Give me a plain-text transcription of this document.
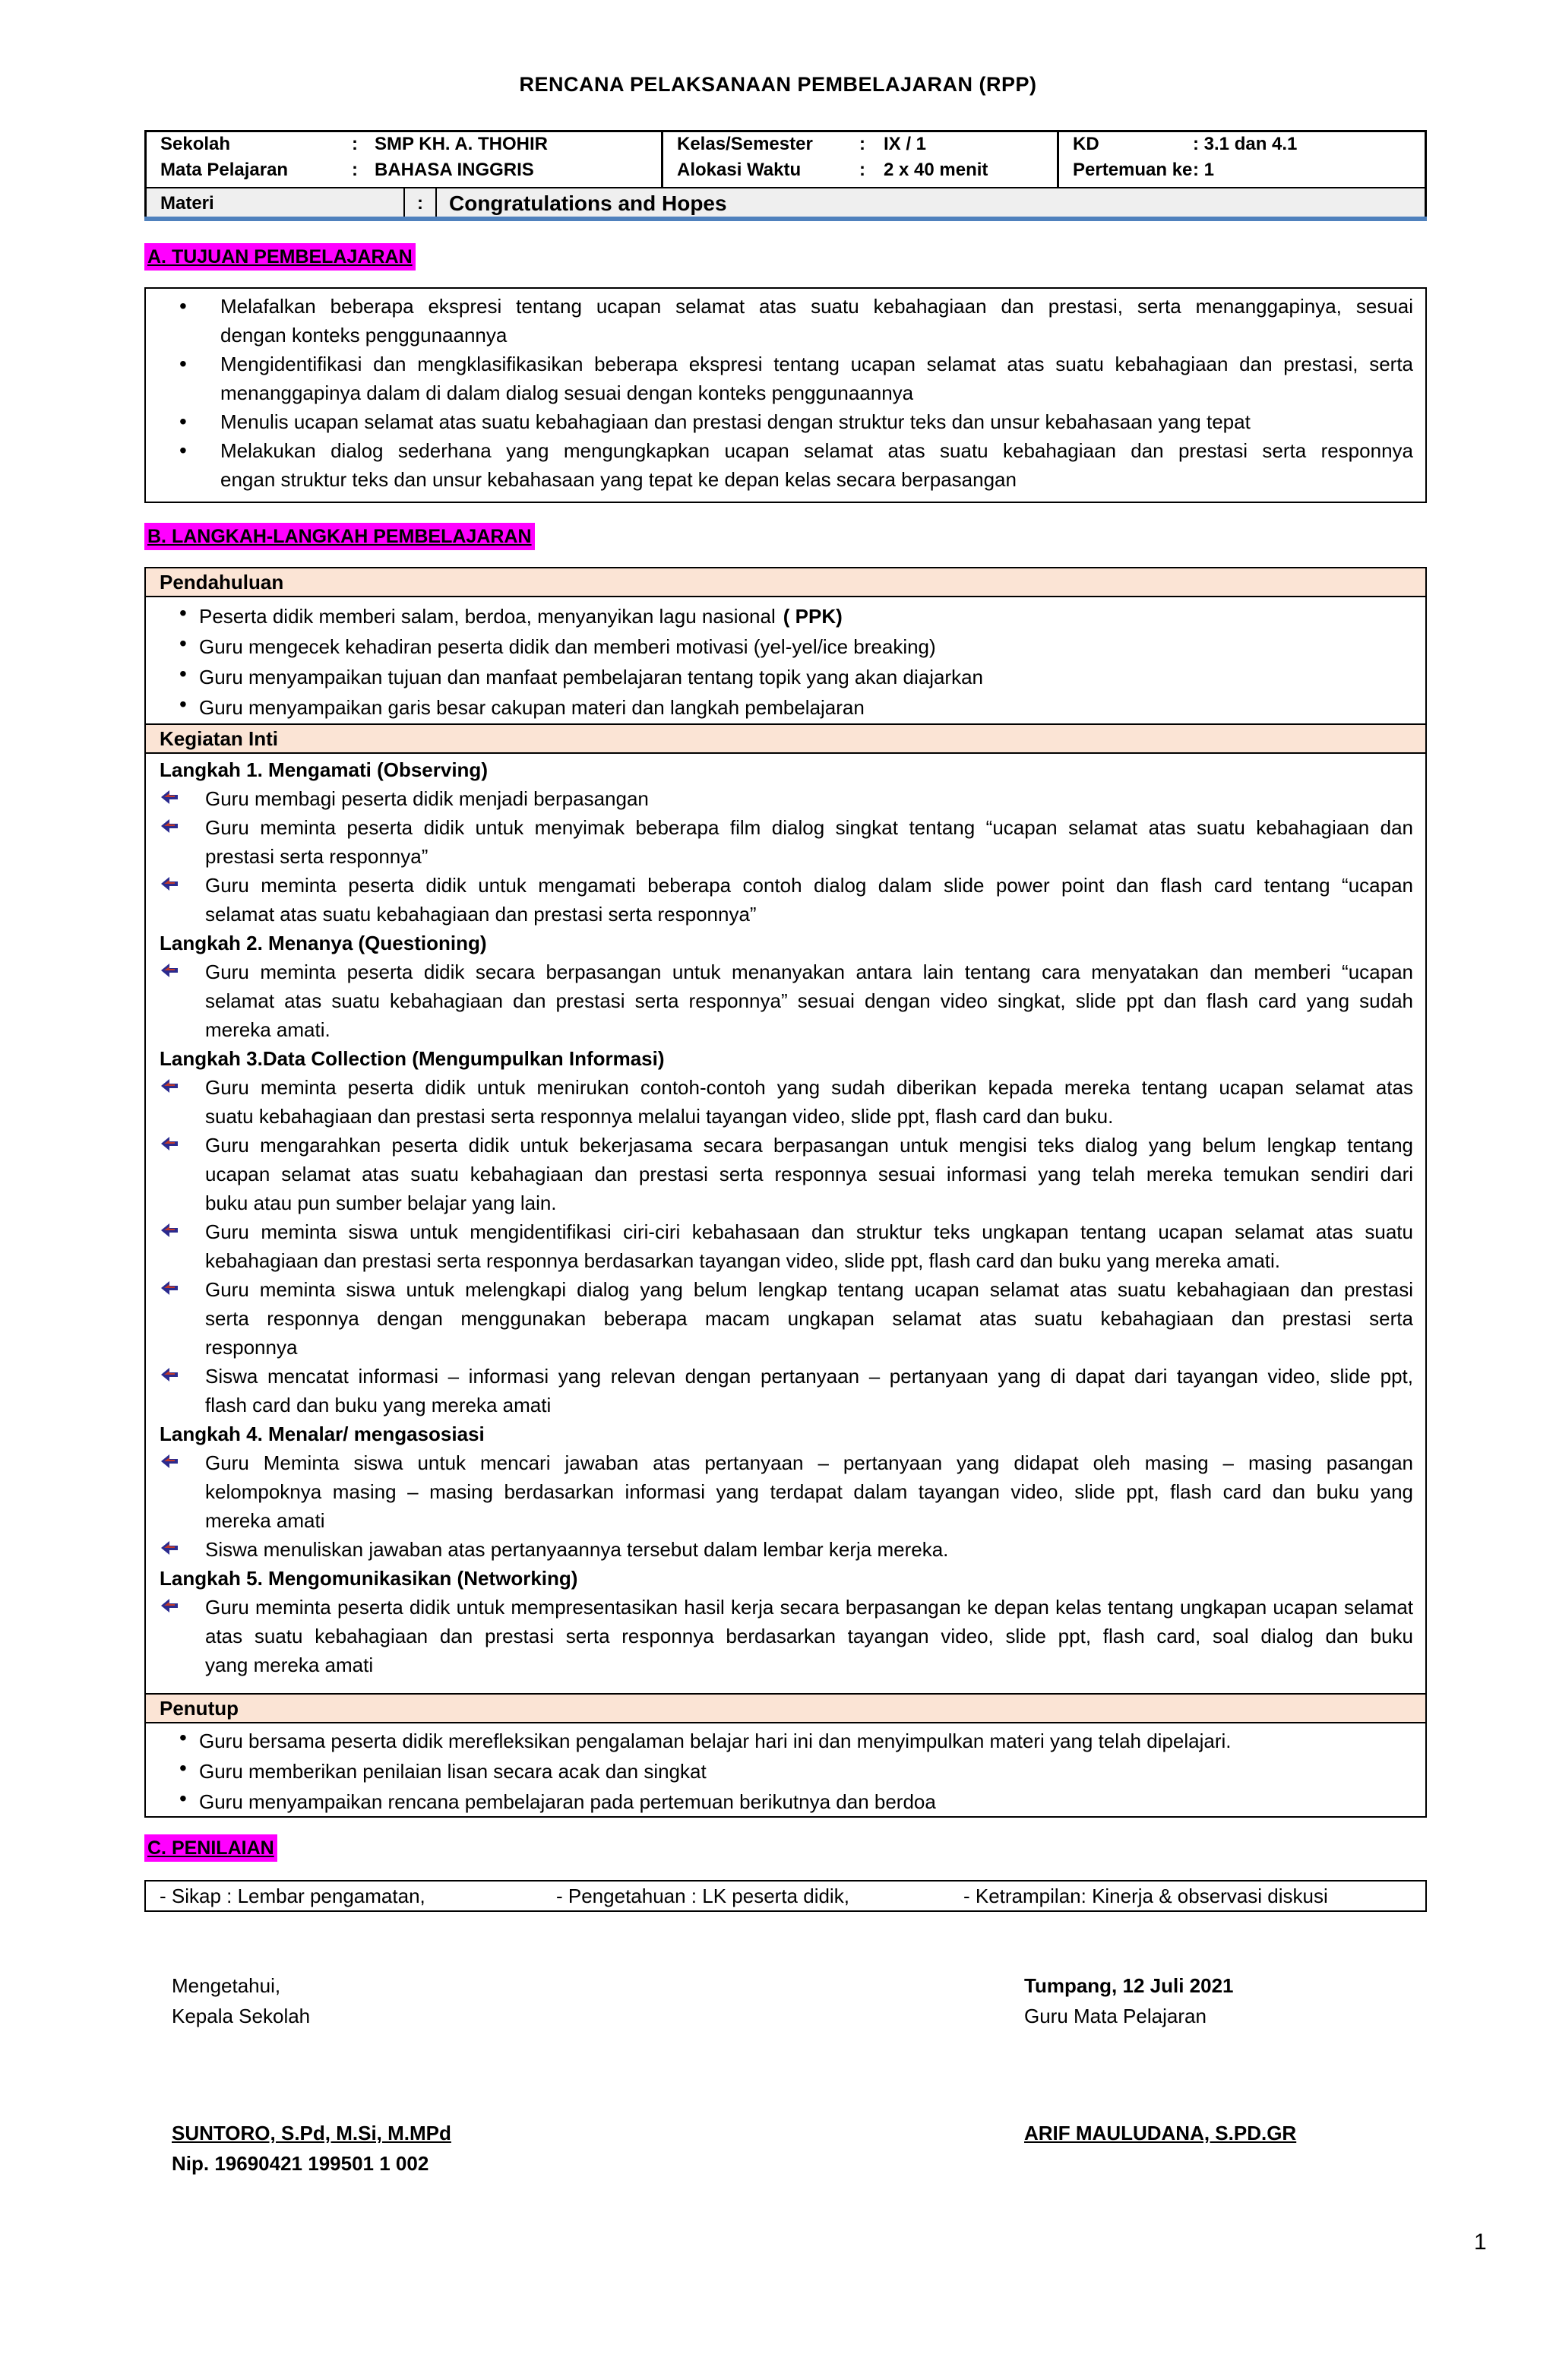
RENCANA PELAKSANAAN PEMBELAJARAN (RPP)
Sekolah	: SMP KH. A. THOHIR
Mata Pelajaran	: BAHASA INGGRIS
Kelas/Semester	: IX / 1
Alokasi Waktu	: 2 x 40 menit
KD	: 3.1 dan 4.1
Pertemuan ke : 1
Materi	: Congratulations and Hopes
A. TUJUAN PEMBELAJARAN
B. LANGKAH-LANGKAH PEMBELAJARAN
Pendahuluan
Kegiatan Inti
Penutup
C. PENILAIAN
- Sikap : Lembar pengamatan,	- Pengetahuan : LK peserta didik,	- Ketrampilan: Kinerja & observasi diskusi
Mengetahui,
Kepala Sekolah
SUNTORO, S.Pd, M.Si, M.MPd
Nip. 19690421 199501 1 002
Tumpang, 12 Juli 2021
Guru Mata Pelajaran
ARIF MAULUDANA, S.PD.GR
1
• Melafalkan beberapa ekspresi tentang ucapan selamat atas suatu kebahagiaan dan prestasi, serta menanggapinya, sesuai
dengan konteks penggunaannya
• Mengidentifikasi dan mengklasifikasikan beberapa ekspresi tentang ucapan selamat atas suatu kebahagiaan dan prestasi, serta
menanggapinya dalam di dalam dialog sesuai dengan konteks penggunaannya
• Menulis ucapan selamat atas suatu kebahagiaan dan prestasi dengan struktur teks dan unsur kebahasaan yang tepat
• Melakukan dialog sederhana yang mengungkapkan ucapan selamat atas suatu kebahagiaan dan prestasi serta responnya
engan struktur teks dan unsur kebahasaan yang tepat ke depan kelas secara berpasangan
• Peserta didik memberi salam, berdoa, menyanyikan lagu nasional ( PPK)
• Guru mengecek kehadiran peserta didik dan memberi motivasi (yel-yel/ice breaking)
• Guru menyampaikan tujuan dan manfaat pembelajaran tentang topik yang akan diajarkan
• Guru menyampaikan garis besar cakupan materi dan langkah pembelajaran
Langkah 1. Mengamati (Observing)
Guru membagi peserta didik menjadi berpasangan
Guru meminta peserta didik untuk menyimak beberapa film dialog singkat tentang “ucapan selamat atas suatu kebahagiaan dan
prestasi serta responnya”
Guru meminta peserta didik untuk mengamati beberapa contoh dialog dalam slide power point dan flash card tentang “ucapan
selamat atas suatu kebahagiaan dan prestasi serta responnya”
Langkah 2. Menanya (Questioning)
Guru meminta peserta didik secara berpasangan untuk menanyakan antara lain tentang cara menyatakan dan memberi “ucapan
selamat atas suatu kebahagiaan dan prestasi serta responnya” sesuai dengan video singkat, slide ppt dan flash card yang sudah
mereka amati.
Langkah 3.Data Collection (Mengumpulkan Informasi)
Guru meminta peserta didik untuk menirukan contoh-contoh yang sudah diberikan kepada mereka tentang ucapan selamat atas
suatu kebahagiaan dan prestasi serta responnya melalui tayangan video, slide ppt, flash card dan buku.
Guru mengarahkan peserta didik untuk bekerjasama secara berpasangan untuk mengisi teks dialog yang belum lengkap tentang
ucapan selamat atas suatu kebahagiaan dan prestasi serta responnya sesuai informasi yang telah mereka temukan sendiri dari
buku atau pun sumber belajar yang lain.
Guru meminta siswa untuk mengidentifikasi ciri-ciri kebahasaan dan struktur teks ungkapan tentang ucapan selamat atas suatu
kebahagiaan dan prestasi serta responnya berdasarkan tayangan video, slide ppt, flash card dan buku yang mereka amati.
Guru meminta siswa untuk melengkapi dialog yang belum lengkap tentang ucapan selamat atas suatu kebahagiaan dan prestasi
serta responnya dengan menggunakan beberapa macam ungkapan selamat atas suatu kebahagiaan dan prestasi serta
responnya
Siswa mencatat informasi – informasi yang relevan dengan pertanyaan – pertanyaan yang di dapat dari tayangan video, slide ppt,
flash card dan buku yang mereka amati
Langkah 4. Menalar/ mengasosiasi
Guru Meminta siswa untuk mencari jawaban atas pertanyaan – pertanyaan yang didapat oleh masing – masing pasangan
kelompoknya masing – masing berdasarkan informasi yang terdapat dalam tayangan video, slide ppt, flash card dan buku yang
mereka amati
Siswa menuliskan jawaban atas pertanyaannya tersebut dalam lembar kerja mereka.
Langkah 5. Mengomunikasikan (Networking)
Guru meminta peserta didik untuk mempresentasikan hasil kerja secara berpasangan ke depan kelas tentang ungkapan ucapan selamat
atas suatu kebahagiaan dan prestasi serta responnya berdasarkan tayangan video, slide ppt, flash card, soal dialog dan buku
yang mereka amati
• Guru bersama peserta didik merefleksikan pengalaman belajar hari ini dan menyimpulkan materi yang telah dipelajari.
• Guru memberikan penilaian lisan secara acak dan singkat
• Guru menyampaikan rencana pembelajaran pada pertemuan berikutnya dan berdoa
